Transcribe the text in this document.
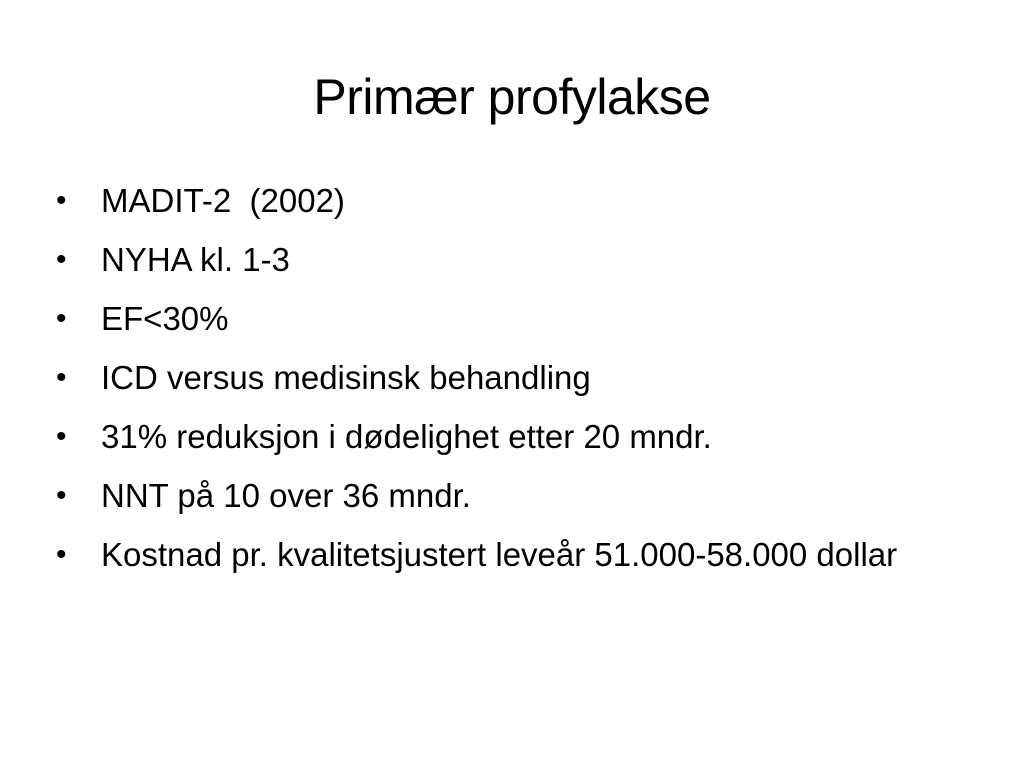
Primær profylakse
•	MADIT-2  (2002)
•	NYHA kl. 1-3
•	EF<30%
•	ICD versus medisinsk behandling
•	31% reduksjon i dødelighet etter 20 mndr.
•	NNT på 10 over 36 mndr.
•	Kostnad pr. kvalitetsjustert leveår 51.000-58.000 dollar
